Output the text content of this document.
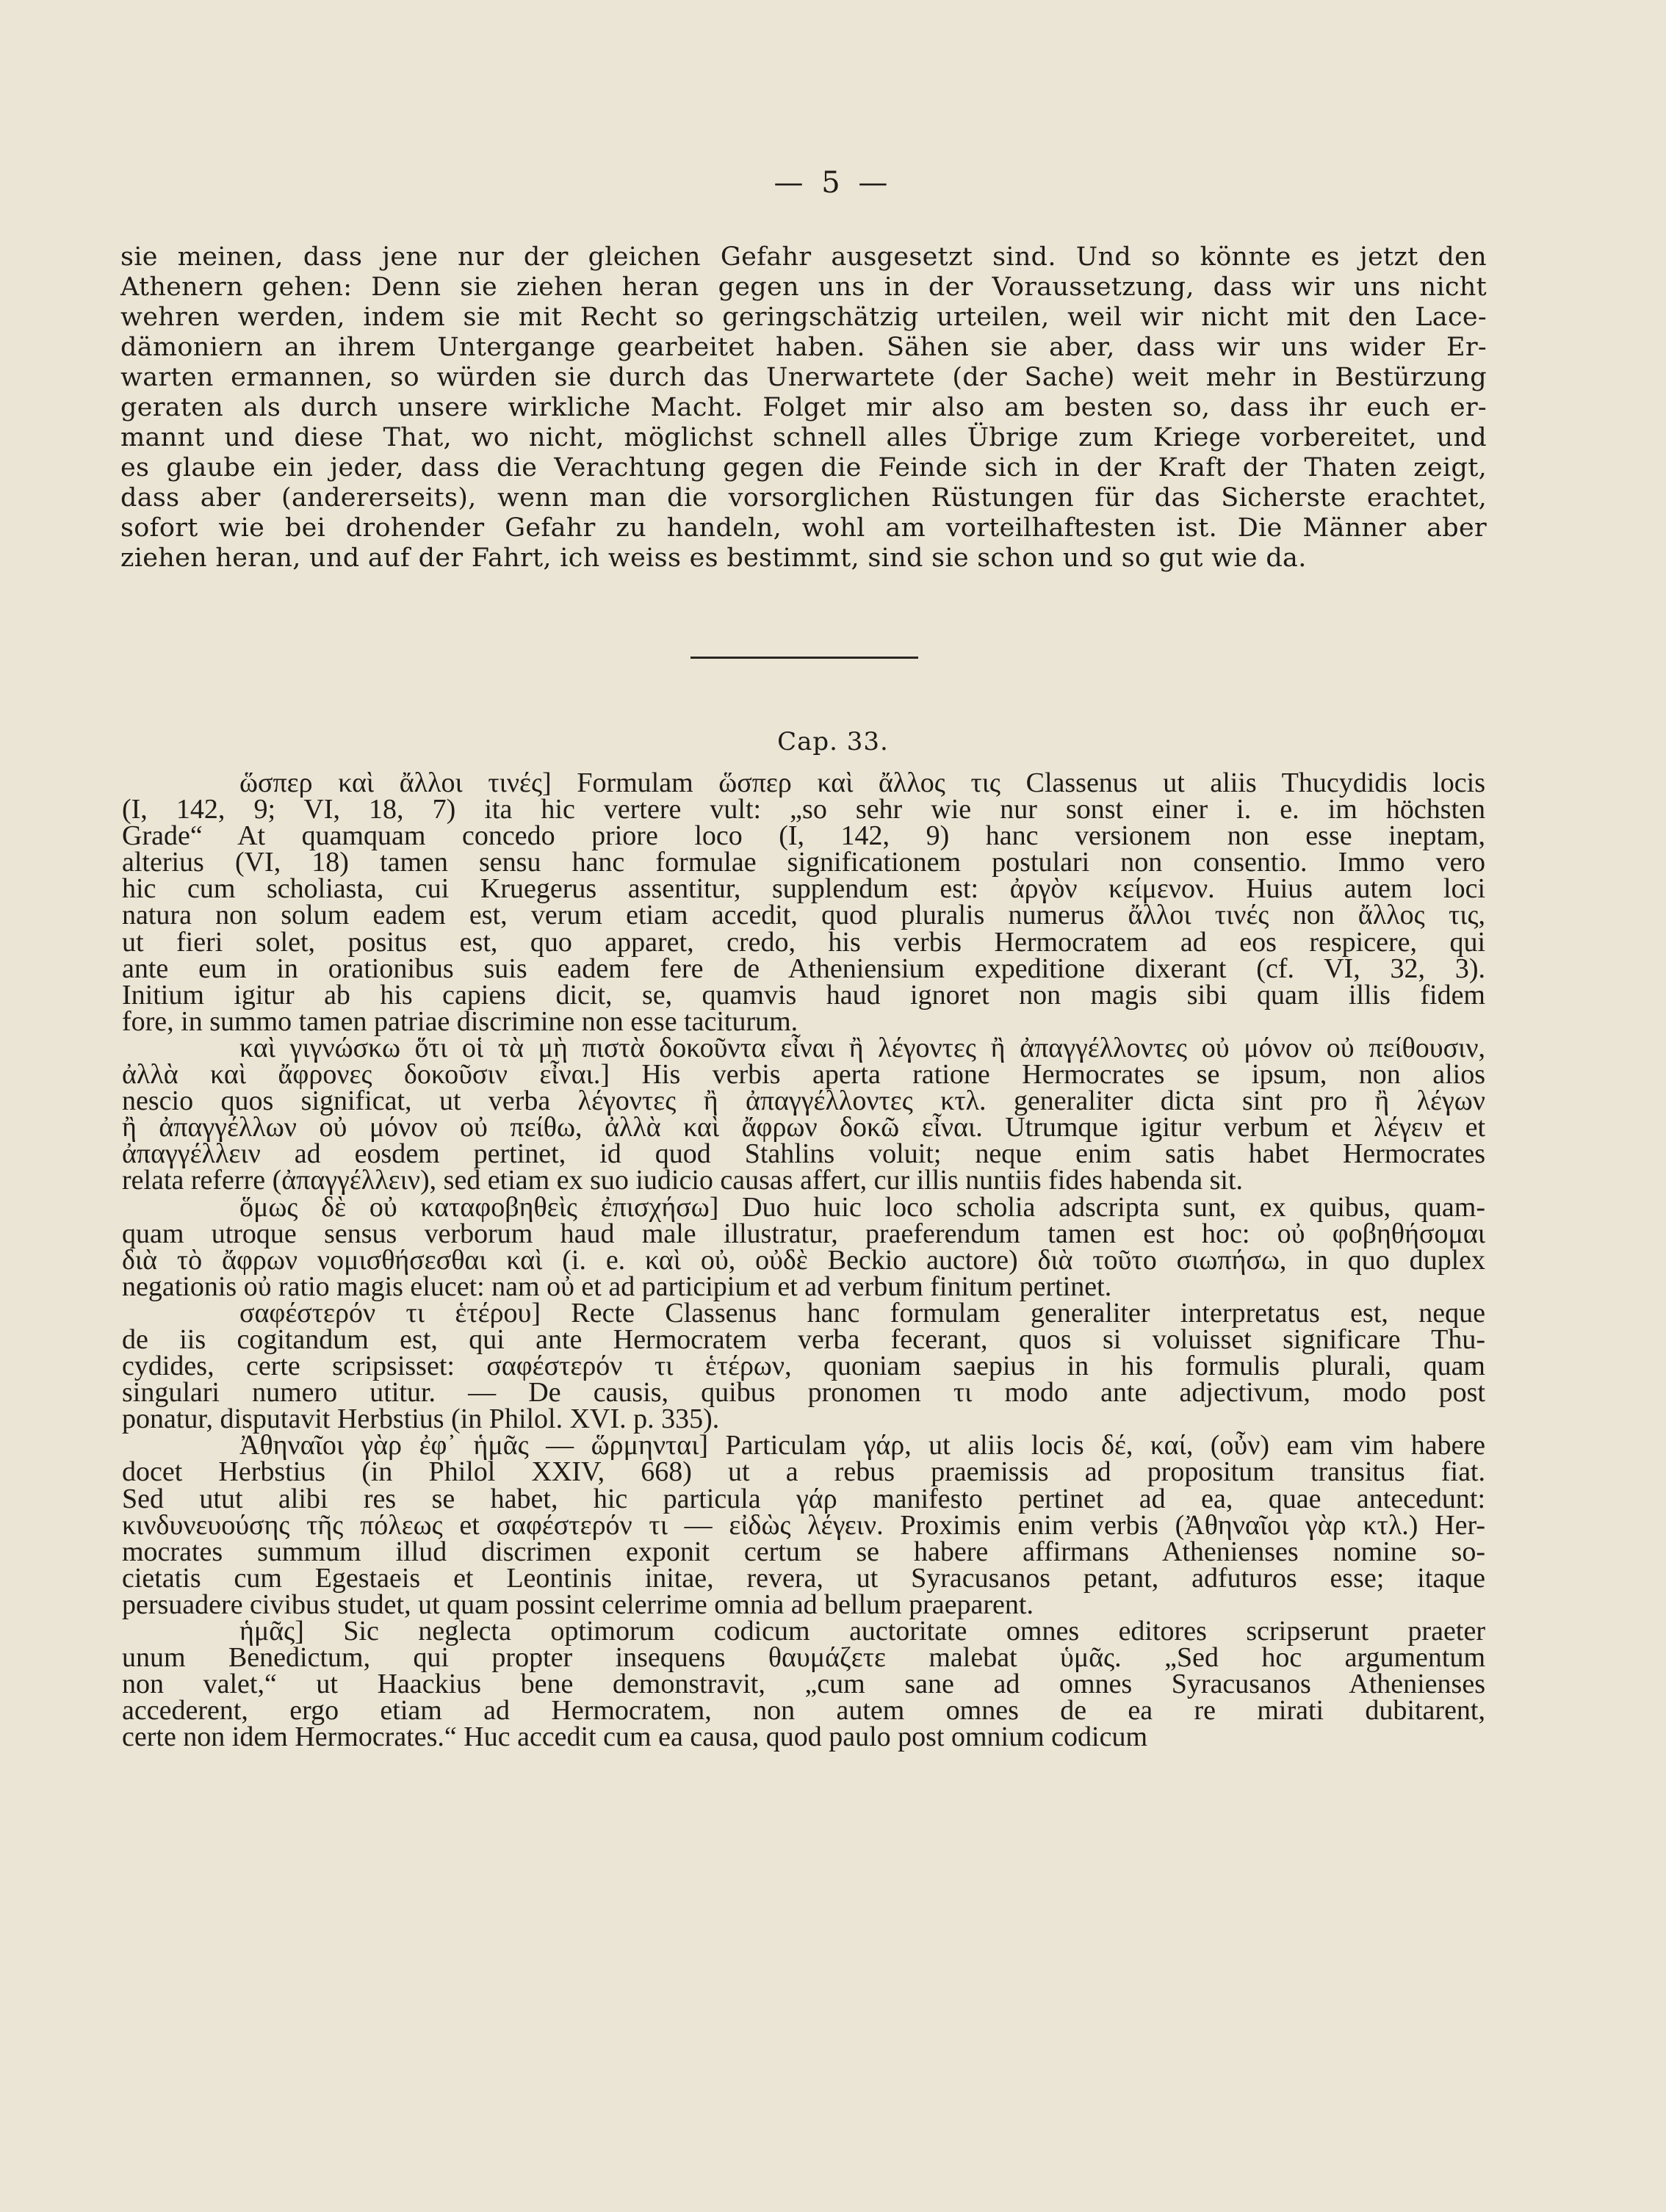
— 5 —
sie meinen, dass jene nur der gleichen Gefahr ausgesetzt sind. Und so könnte es jetzt den
Athenern gehen: Denn sie ziehen heran gegen uns in der Voraussetzung, dass wir uns nicht
wehren werden, indem sie mit Recht so geringschätzig urteilen, weil wir nicht mit den Lace-
dämoniern an ihrem Untergange gearbeitet haben. Sähen sie aber, dass wir uns wider Er-
warten ermannen, so würden sie durch das Unerwartete (der Sache) weit mehr in Bestürzung
geraten als durch unsere wirkliche Macht. Folget mir also am besten so, dass ihr euch er-
mannt und diese That, wo nicht, möglichst schnell alles Übrige zum Kriege vorbereitet, und
es glaube ein jeder, dass die Verachtung gegen die Feinde sich in der Kraft der Thaten zeigt,
dass aber (andererseits), wenn man die vorsorglichen Rüstungen für das Sicherste erachtet,
sofort wie bei drohender Gefahr zu handeln, wohl am vorteilhaftesten ist. Die Männer aber
ziehen heran, und auf der Fahrt, ich weiss es bestimmt, sind sie schon und so gut wie da.
Cap. 33.
ὥσπερ καὶ ἄλλοι τινές] Formulam ὥσπερ καὶ ἄλλος τις Classenus ut aliis Thucydidis locis
(I, 142, 9; VI, 18, 7) ita hic vertere vult: „so sehr wie nur sonst einer i. e. im höchsten
Grade“ At quamquam concedo priore loco (I, 142, 9) hanc versionem non esse ineptam,
alterius (VI, 18) tamen sensu hanc formulae significationem postulari non consentio. Immo vero
hic cum scholiasta, cui Kruegerus assentitur, supplendum est: ἀργὸν κείμενον. Huius autem loci
natura non solum eadem est, verum etiam accedit, quod pluralis numerus ἄλλοι τινές non ἄλλος τις,
ut fieri solet, positus est, quo apparet, credo, his verbis Hermocratem ad eos respicere, qui
ante eum in orationibus suis eadem fere de Atheniensium expeditione dixerant (cf. VI, 32, 3).
Initium igitur ab his capiens dicit, se, quamvis haud ignoret non magis sibi quam illis fidem
fore, in summo tamen patriae discrimine non esse taciturum.
καὶ γιγνώσκω ὅτι οἱ τὰ μὴ πιστὰ δοκοῦντα εἶναι ἢ λέγοντες ἢ ἀπαγγέλλοντες οὐ μόνον οὐ πείθουσιν,
ἀλλὰ καὶ ἄφρονες δοκοῦσιν εἶναι.] His verbis aperta ratione Hermocrates se ipsum, non alios
nescio quos significat, ut verba λέγοντες ἢ ἀπαγγέλλοντες κτλ. generaliter dicta sint pro ἢ λέγων
ἢ ἀπαγγέλλων οὐ μόνον οὐ πείθω, ἀλλὰ καὶ ἄφρων δοκῶ εἶναι. Utrumque igitur verbum et λέγειν et
ἀπαγγέλλειν ad eosdem pertinet, id quod Stahlins voluit; neque enim satis habet Hermocrates
relata referre (ἀπαγγέλλειν), sed etiam ex suo iudicio causas affert, cur illis nuntiis fides habenda sit.
ὅμως δὲ οὐ καταφοβηθεὶς ἐπισχήσω] Duo huic loco scholia adscripta sunt, ex quibus, quam-
quam utroque sensus verborum haud male illustratur, praeferendum tamen est hoc: οὐ φοβηθήσομαι
διὰ τὸ ἄφρων νομισθήσεσθαι καὶ (i. e. καὶ οὐ, οὐδὲ Beckio auctore) διὰ τοῦτο σιωπήσω, in quo duplex
negationis οὐ ratio magis elucet: nam οὐ et ad participium et ad verbum finitum pertinet.
σαφέστερόν τι ἑτέρου] Recte Classenus hanc formulam generaliter interpretatus est, neque
de iis cogitandum est, qui ante Hermocratem verba fecerant, quos si voluisset significare Thu-
cydides, certe scripsisset: σαφέστερόν τι ἑτέρων, quoniam saepius in his formulis plurali, quam
singulari numero utitur. — De causis, quibus pronomen τι modo ante adjectivum, modo post
ponatur, disputavit Herbstius (in Philol. XVI. p. 335).
Ἀθηναῖοι γὰρ ἐφ᾽ ἡμᾶς — ὥρμηνται] Particulam γάρ, ut aliis locis δέ, καί, (οὖν) eam vim habere
docet Herbstius (in Philol XXIV, 668) ut a rebus praemissis ad propositum transitus fiat.
Sed utut alibi res se habet, hic particula γάρ manifesto pertinet ad ea, quae antecedunt:
κινδυνευούσης τῆς πόλεως et σαφέστερόν τι — εἰδὼς λέγειν. Proximis enim verbis (Ἀθηναῖοι γὰρ κτλ.) Her-
mocrates summum illud discrimen exponit certum se habere affirmans Athenienses nomine so-
cietatis cum Egestaeis et Leontinis initae, revera, ut Syracusanos petant, adfuturos esse; itaque
persuadere civibus studet, ut quam possint celerrime omnia ad bellum praeparent.
ἡμᾶς] Sic neglecta optimorum codicum auctoritate omnes editores scripserunt praeter
unum Benedictum, qui propter insequens θαυμάζετε malebat ὑμᾶς. „Sed hoc argumentum
non valet,“ ut Haackius bene demonstravit, „cum sane ad omnes Syracusanos Athenienses
accederent, ergo etiam ad Hermocratem, non autem omnes de ea re mirati dubitarent,
certe non idem Hermocrates.“ Huc accedit cum ea causa, quod paulo post omnium codicum
